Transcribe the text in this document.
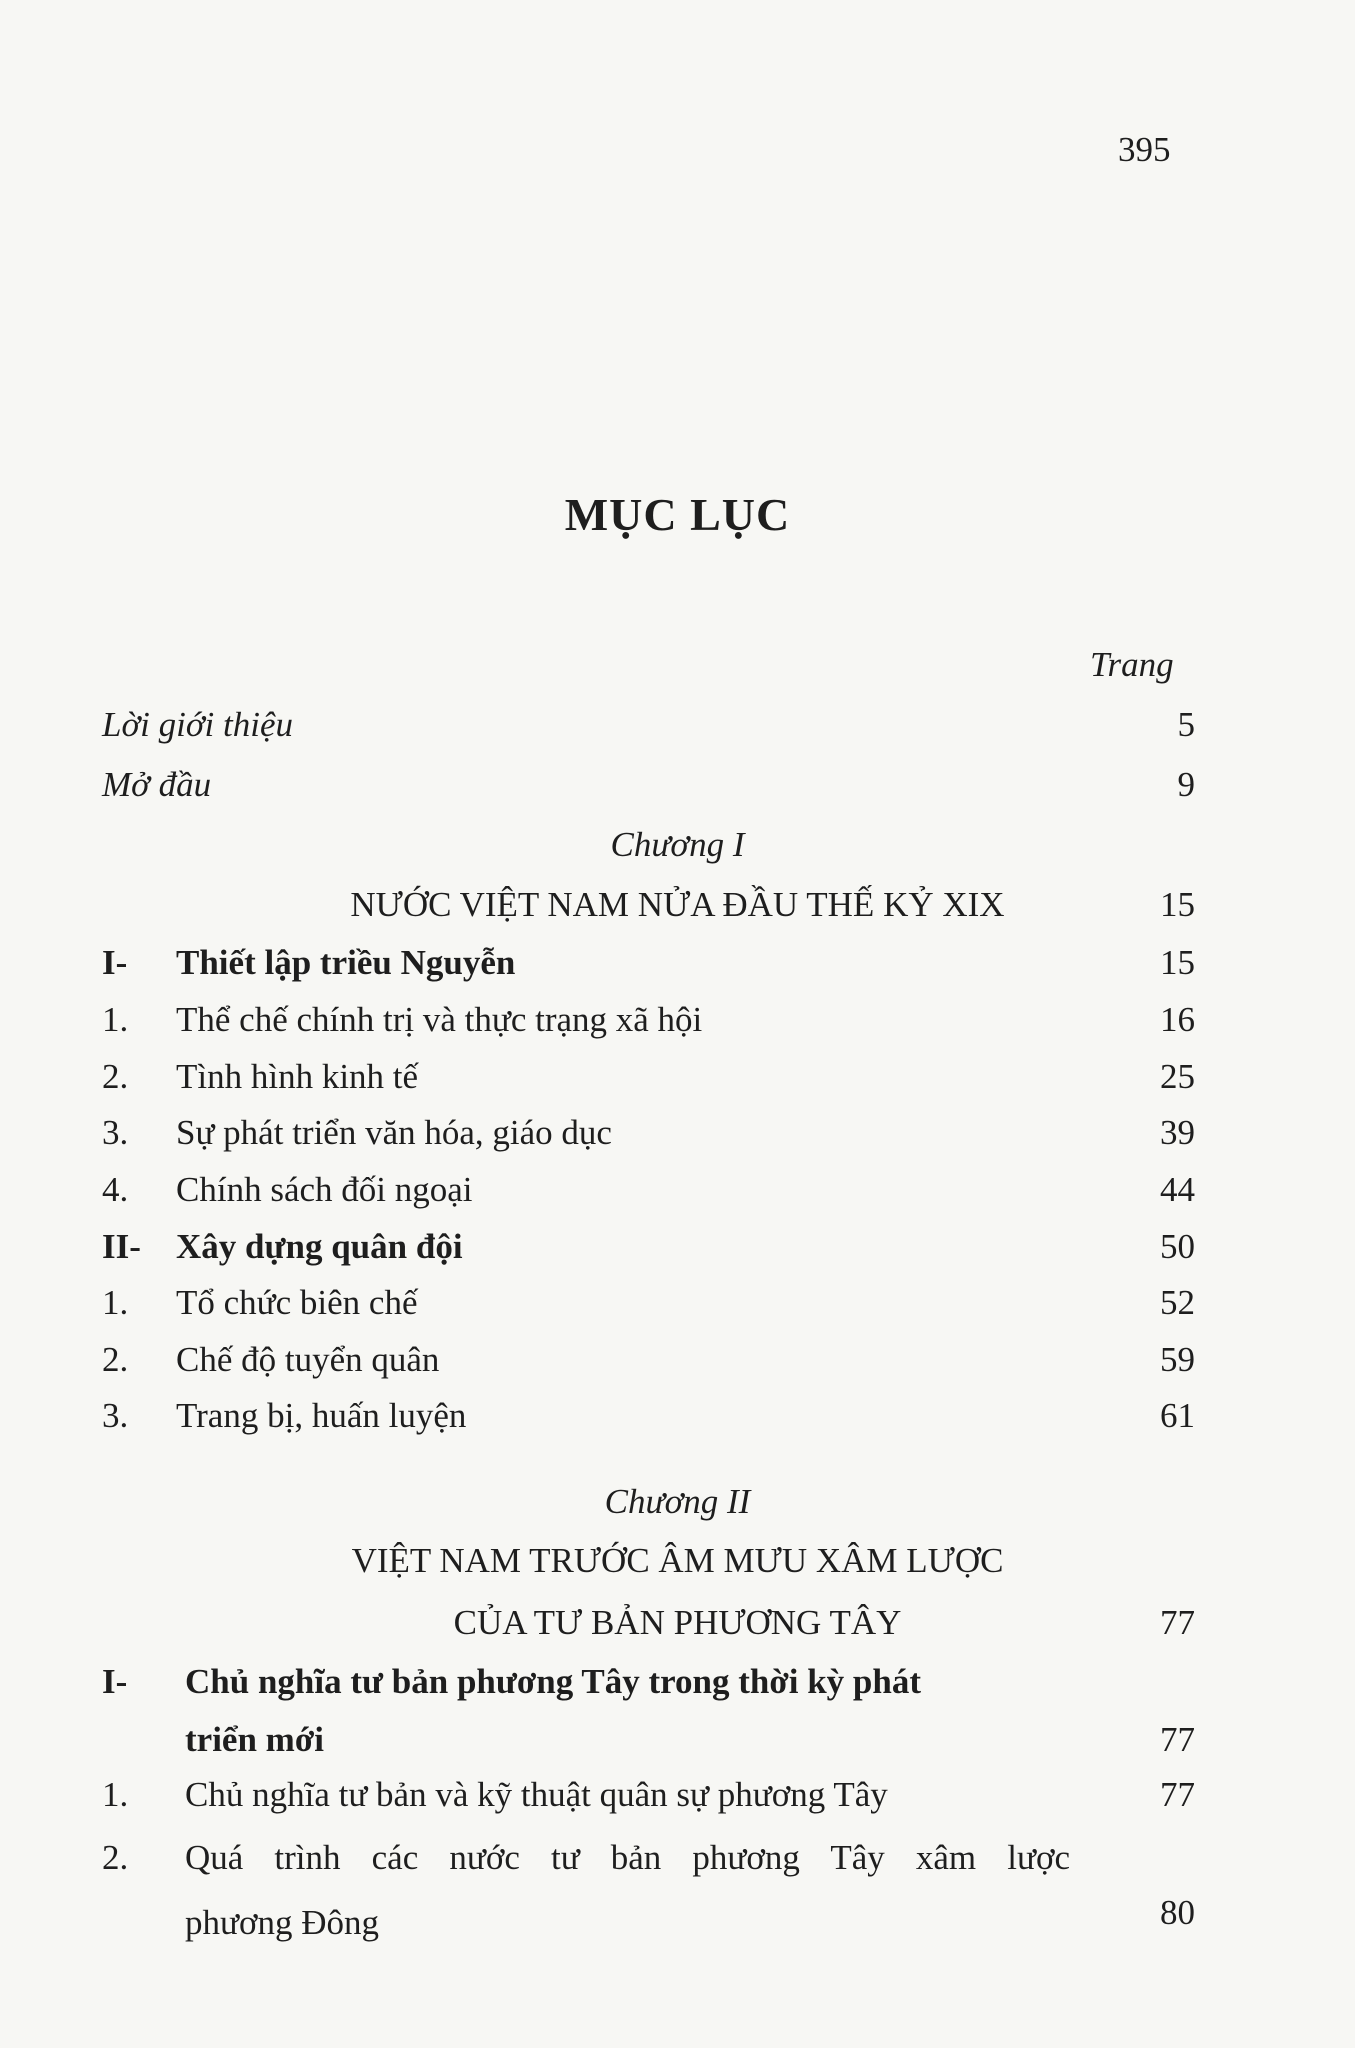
395
MỤC LỤC
Trang
Lời giới thiệu	5
Mở đầu	9
Chương I
NƯỚC VIỆT NAM NỬA ĐẦU THẾ KỶ XIX	15
I- Thiết lập triều Nguyễn	15
1. Thể chế chính trị và thực trạng xã hội	16
2. Tình hình kinh tế	25
3. Sự phát triển văn hóa, giáo dục	39
4. Chính sách đối ngoại	44
II- Xây dựng quân đội	50
1. Tổ chức biên chế	52
2. Chế độ tuyển quân	59
3. Trang bị, huấn luyện	61
Chương II
VIỆT NAM TRƯỚC ÂM MƯU XÂM LƯỢC
CỦA TƯ BẢN PHƯƠNG TÂY	77
I- Chủ nghĩa tư bản phương Tây trong thời kỳ phát
triển mới	77
1. Chủ nghĩa tư bản và kỹ thuật quân sự phương Tây	77
2. Quá trình các nước tư bản phương Tây xâm lược
phương Đông	80
